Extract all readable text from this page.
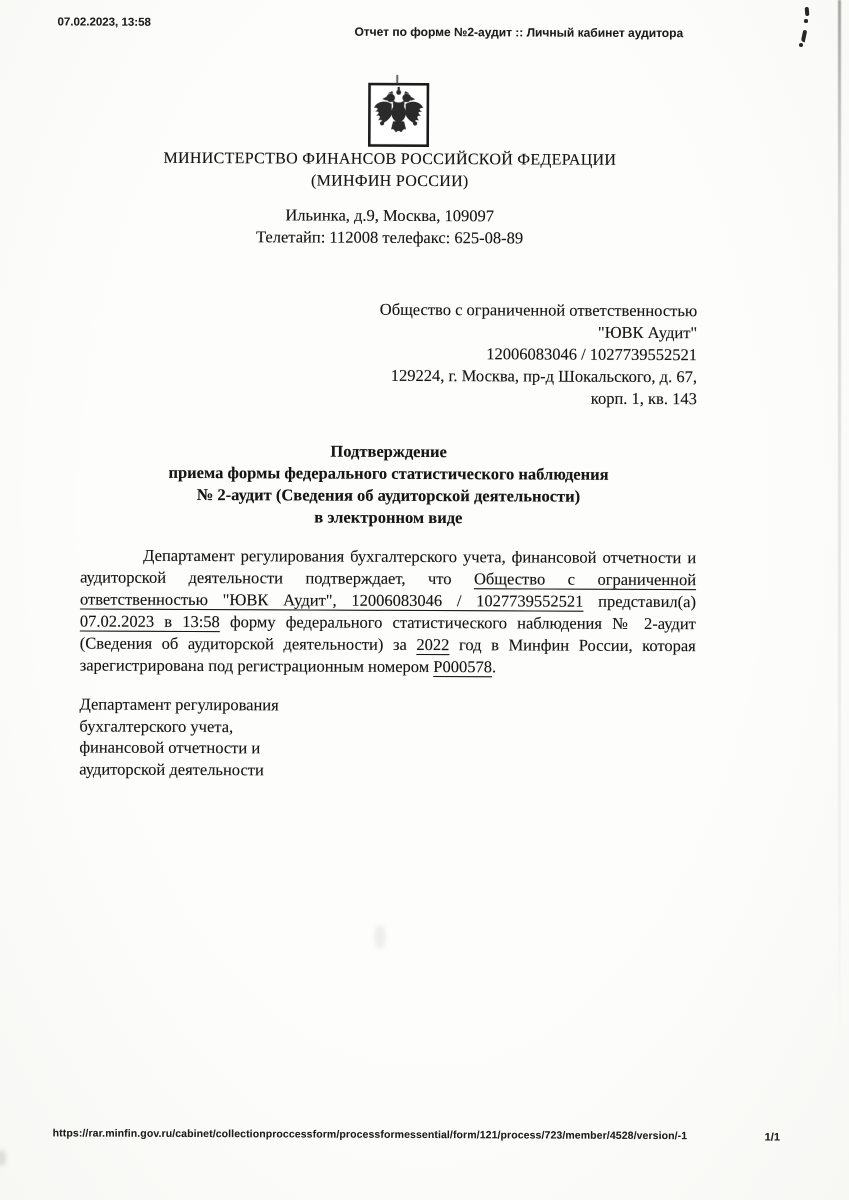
07.02.2023, 13:58
Отчет по форме №2-аудит :: Личный кабинет аудитора
МИНИСТЕРСТВО ФИНАНСОВ РОССИЙСКОЙ ФЕДЕРАЦИИ
(МИНФИН РОССИИ)
Ильинка, д.9, Москва, 109097
Телетайп: 112008 телефакс: 625-08-89
Общество с ограниченной ответственностью
"ЮВК Аудит"
12006083046 / 1027739552521
129224, г. Москва, пр-д Шокальского, д. 67,
корп. 1, кв. 143
Подтверждение
приема формы федерального статистического наблюдения
№ 2-аудит (Сведения об аудиторской деятельности)
в электронном виде
Департамент регулирования бухгалтерского учета, финансовой отчетности и
аудиторской деятельности подтверждает, что Общество с ограниченной
ответственностью "ЮВК Аудит", 12006083046 / 1027739552521 представил(а)
07.02.2023 в 13:58 форму федерального статистического наблюдения № 2-аудит
(Сведения об аудиторской деятельности) за 2022 год в Минфин России, которая
зарегистрирована под регистрационным номером Р000578.
Департамент регулирования
бухгалтерского учета,
финансовой отчетности и
аудиторской деятельности
https://rar.minfin.gov.ru/cabinet/collectionproccessform/processformessential/form/121/process/723/member/4528/version/-1	1/1
